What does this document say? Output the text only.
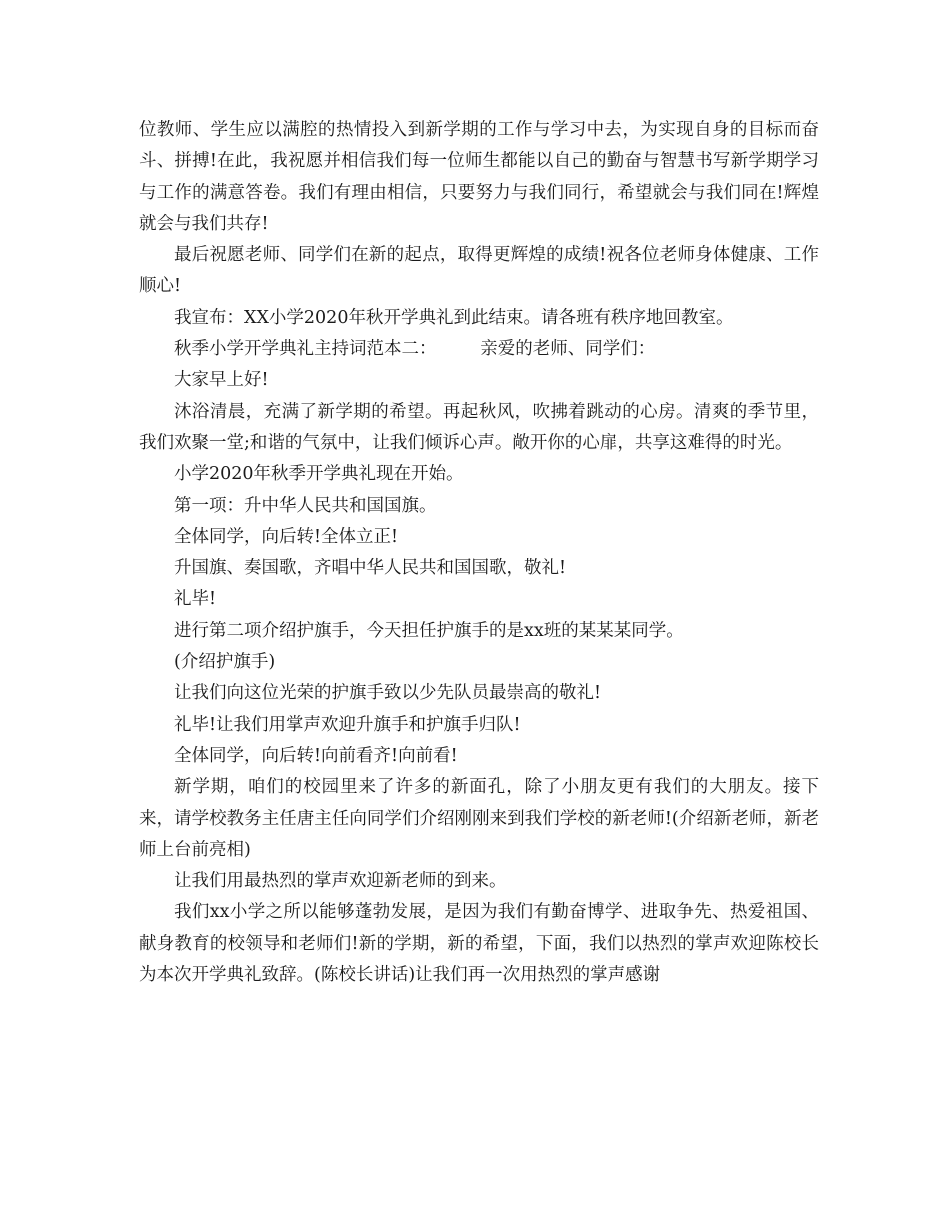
位教师、学生应以满腔的热情投入到新学期的工作与学习中去，为实现自身的目标而奋斗、拼搏!在此，我祝愿并相信我们每一位师生都能以自己的勤奋与智慧书写新学期学习与工作的满意答卷。我们有理由相信，只要努力与我们同行，希望就会与我们同在!辉煌就会与我们共存!

最后祝愿老师、同学们在新的起点，取得更辉煌的成绩!祝各位老师身体健康、工作顺心!

我宣布：XX小学2020年秋开学典礼到此结束。请各班有秩序地回教室。

秋季小学开学典礼主持词范本二：　　　亲爱的老师、同学们：

大家早上好!

沐浴清晨，充满了新学期的希望。再起秋风，吹拂着跳动的心房。清爽的季节里，我们欢聚一堂;和谐的气氛中，让我们倾诉心声。敞开你的心扉，共享这难得的时光。

小学2020年秋季开学典礼现在开始。

第一项：升中华人民共和国国旗。

全体同学，向后转!全体立正!

升国旗、奏国歌，齐唱中华人民共和国国歌，敬礼!

礼毕!

进行第二项介绍护旗手，今天担任护旗手的是xx班的某某某同学。

(介绍护旗手)

让我们向这位光荣的护旗手致以少先队员最崇高的敬礼!

礼毕!让我们用掌声欢迎升旗手和护旗手归队!

全体同学，向后转!向前看齐!向前看!

新学期，咱们的校园里来了许多的新面孔，除了小朋友更有我们的大朋友。接下来，请学校教务主任唐主任向同学们介绍刚刚来到我们学校的新老师!(介绍新老师，新老师上台前亮相)

让我们用最热烈的掌声欢迎新老师的到来。

我们xx小学之所以能够蓬勃发展，是因为我们有勤奋博学、进取争先、热爱祖国、献身教育的校领导和老师们!新的学期，新的希望，下面，我们以热烈的掌声欢迎陈校长为本次开学典礼致辞。(陈校长讲话)让我们再一次用热烈的掌声感谢
